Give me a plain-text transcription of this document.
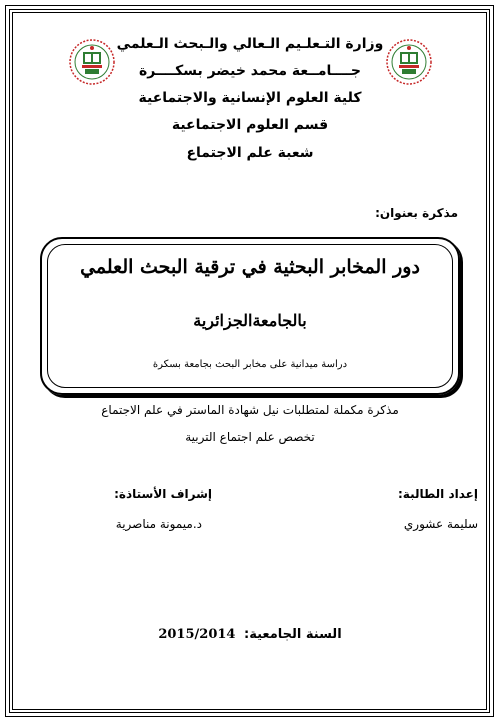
وزارة التـعلـيم الـعالي والـبحث الـعلمي
جــــامــعة محمد خيضر بسكــــرة
كلية العلوم الإنسانية والاجتماعية
قسم العلوم الاجتماعية
شعبة علم الاجتماع
مذكرة بعنوان:
دور المخابر البحثية في ترقية البحث العلمي
بالجامعةالجزائرية
دراسة ميدانية على مخابر البحث بجامعة بسكرة
مذكرة مكملة لمتطلبات نيل شهادة الماستر في علم الاجتماع
تخصص علم اجتماع التربية
إعداد الطالبة:
سليمة عشوري
إشراف الأستاذة:
د.ميمونة مناصرية
السنة الجامعية: 2015/2014
